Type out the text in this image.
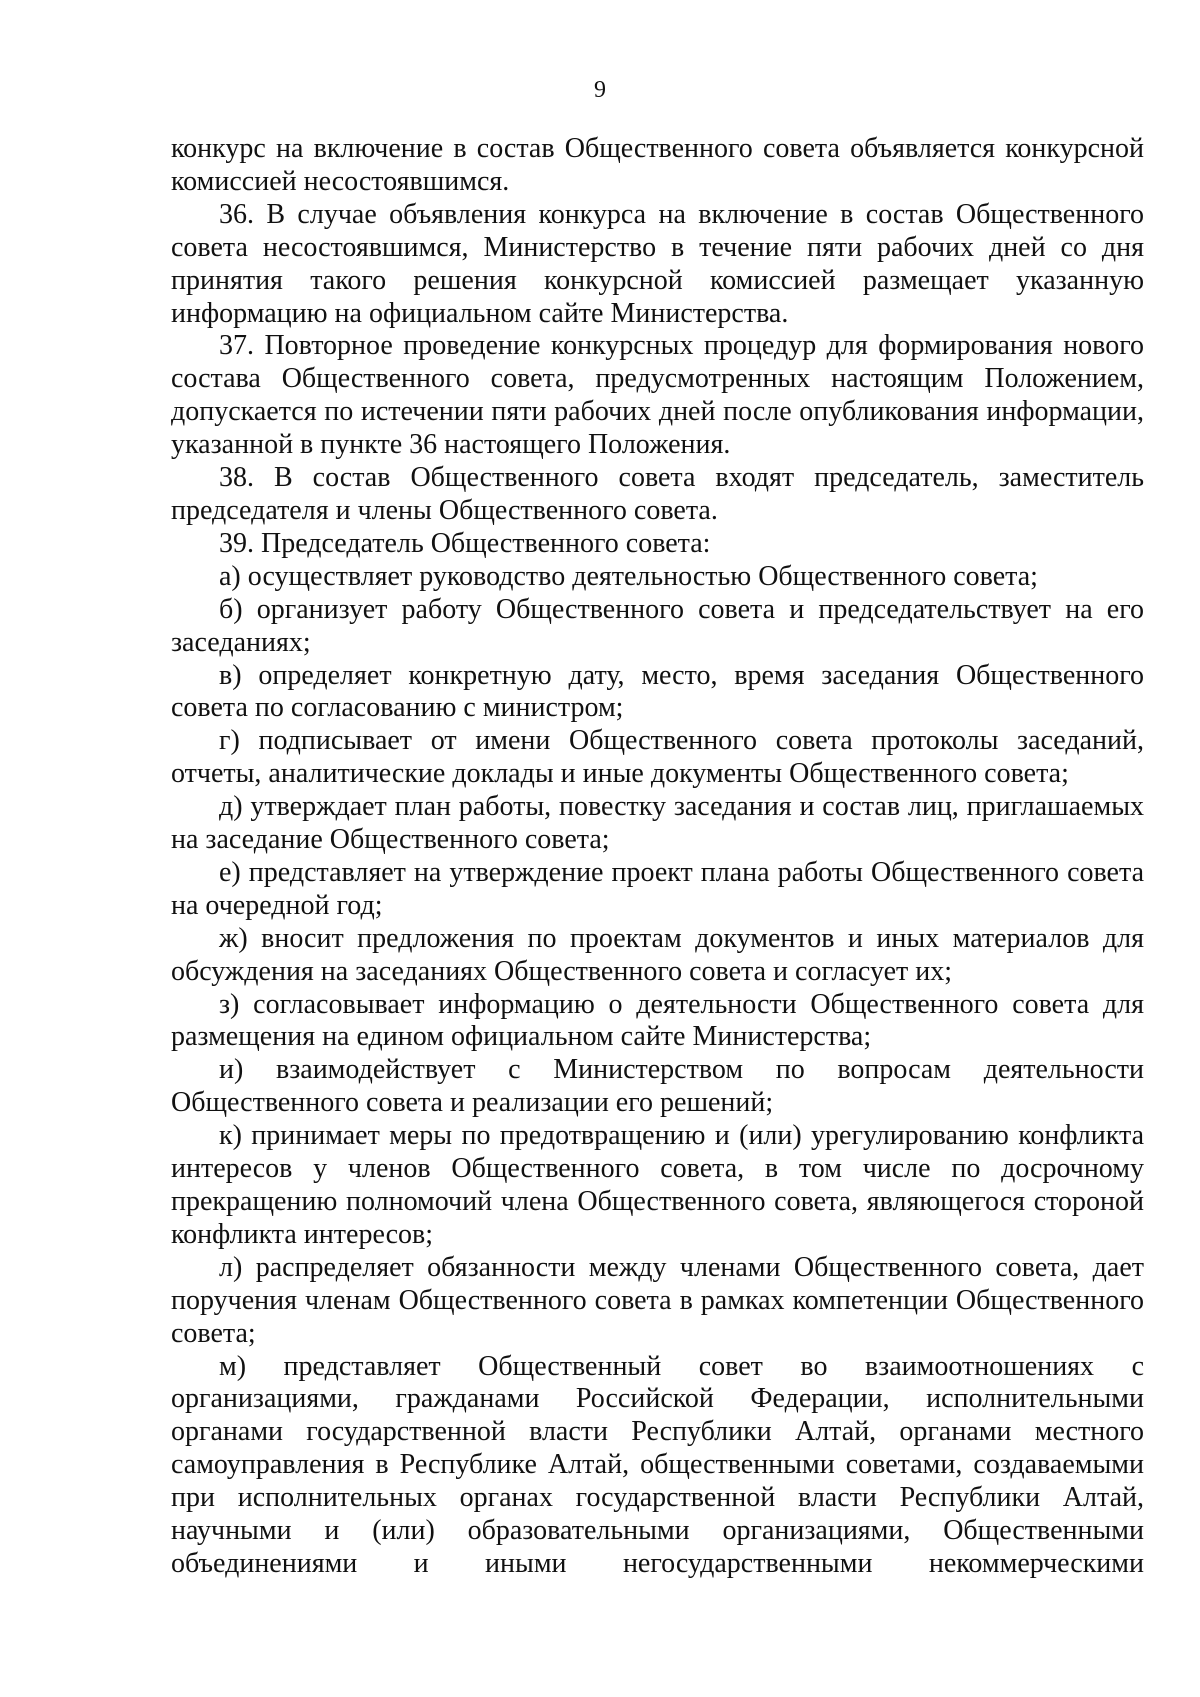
9

конкурс на включение в состав Общественного совета объявляется конкурсной комиссией несостоявшимся.

36. В случае объявления конкурса на включение в состав Общественного совета несостоявшимся, Министерство в течение пяти рабочих дней со дня принятия такого решения конкурсной комиссией размещает указанную информацию на официальном сайте Министерства.

37. Повторное проведение конкурсных процедур для формирования нового состава Общественного совета, предусмотренных настоящим Положением, допускается по истечении пяти рабочих дней после опубликования информации, указанной в пункте 36 настоящего Положения.

38. В состав Общественного совета входят председатель, заместитель председателя и члены Общественного совета.

39. Председатель Общественного совета:

а) осуществляет руководство деятельностью Общественного совета;

б) организует работу Общественного совета и председательствует на его заседаниях;

в) определяет конкретную дату, место, время заседания Общественного совета по согласованию с министром;

г) подписывает от имени Общественного совета протоколы заседаний, отчеты, аналитические доклады и иные документы Общественного совета;

д) утверждает план работы, повестку заседания и состав лиц, приглашаемых на заседание Общественного совета;

е) представляет на утверждение проект плана работы Общественного совета на очередной год;

ж) вносит предложения по проектам документов и иных материалов для обсуждения на заседаниях Общественного совета и согласует их;

з) согласовывает информацию о деятельности Общественного совета для размещения на едином официальном сайте Министерства;

и) взаимодействует с Министерством по вопросам деятельности Общественного совета и реализации его решений;

к) принимает меры по предотвращению и (или) урегулированию конфликта интересов у членов Общественного совета, в том числе по досрочному прекращению полномочий члена Общественного совета, являющегося стороной конфликта интересов;

л) распределяет обязанности между членами Общественного совета, дает поручения членам Общественного совета в рамках компетенции Общественного совета;

м) представляет Общественный совет во взаимоотношениях с организациями, гражданами Российской Федерации, исполнительными органами государственной власти Республики Алтай, органами местного самоуправления в Республике Алтай, общественными советами, создаваемыми при исполнительных органах государственной власти Республики Алтай, научными и (или) образовательными организациями, Общественными объединениями и иными негосударственными некоммерческими
